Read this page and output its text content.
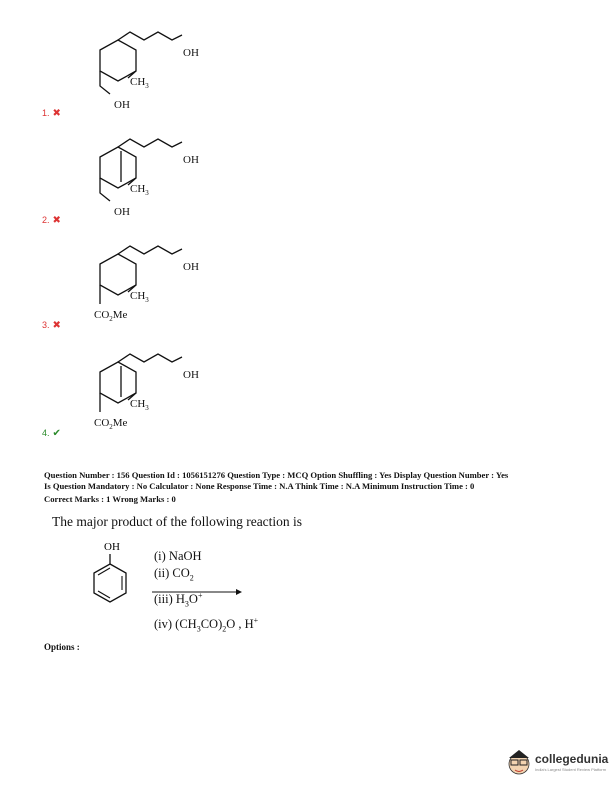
OH
$CH_3$
OH
1. ✖
OH
$CH_3$
OH
2. ✖
OH
$CH_3$
$CO_2Me$
3. ✖
OH
$CH_3$
$CO_2Me$
4. ✔
Question Number : 156 Question Id : 1056151276 Question Type : MCQ Option Shuffling : Yes Display Question Number : Yes
Is Question Mandatory : No Calculator : None Response Time : N.A Think Time : N.A Minimum Instruction Time : 0
Correct Marks : 1 Wrong Marks : 0
The major product of the following reaction is
OH
(i) NaOH
(ii) $CO_2$
(iii) $H_3O^+$
(iv) $(CH_3CO)_2O$ , H+
Options :
collegedunia
India's Largest Student Review Platform
